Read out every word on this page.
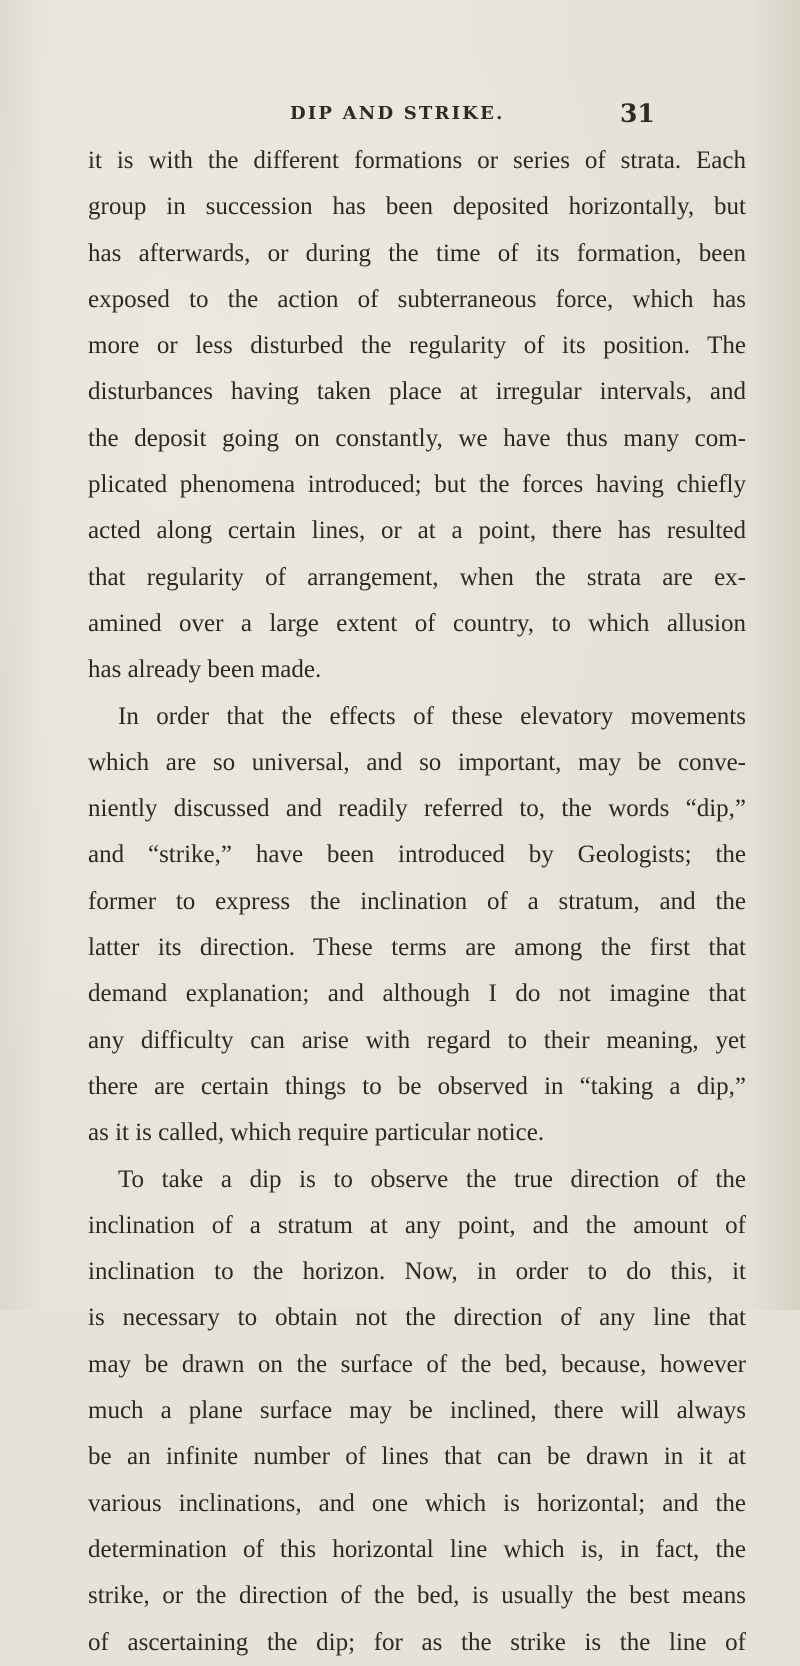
DIP AND STRIKE.	31
it is with the different formations or series of strata. Each
group in succession has been deposited horizontally, but
has afterwards, or during the time of its formation, been
exposed to the action of subterraneous force, which has
more or less disturbed the regularity of its position. The
disturbances having taken place at irregular intervals, and
the deposit going on constantly, we have thus many com-
plicated phenomena introduced; but the forces having chiefly
acted along certain lines, or at a point, there has resulted
that regularity of arrangement, when the strata are ex-
amined over a large extent of country, to which allusion
has already been made.
In order that the effects of these elevatory movements
which are so universal, and so important, may be conve-
niently discussed and readily referred to, the words “dip,”
and “strike,” have been introduced by Geologists; the
former to express the inclination of a stratum, and the
latter its direction. These terms are among the first that
demand explanation; and although I do not imagine that
any difficulty can arise with regard to their meaning, yet
there are certain things to be observed in “taking a dip,”
as it is called, which require particular notice.
To take a dip is to observe the true direction of the
inclination of a stratum at any point, and the amount of
inclination to the horizon. Now, in order to do this, it
is necessary to obtain not the direction of any line that
may be drawn on the surface of the bed, because, however
much a plane surface may be inclined, there will always
be an infinite number of lines that can be drawn in it at
various inclinations, and one which is horizontal; and the
determination of this horizontal line which is, in fact, the
strike, or the direction of the bed, is usually the best means
of ascertaining the dip; for as the strike is the line of
